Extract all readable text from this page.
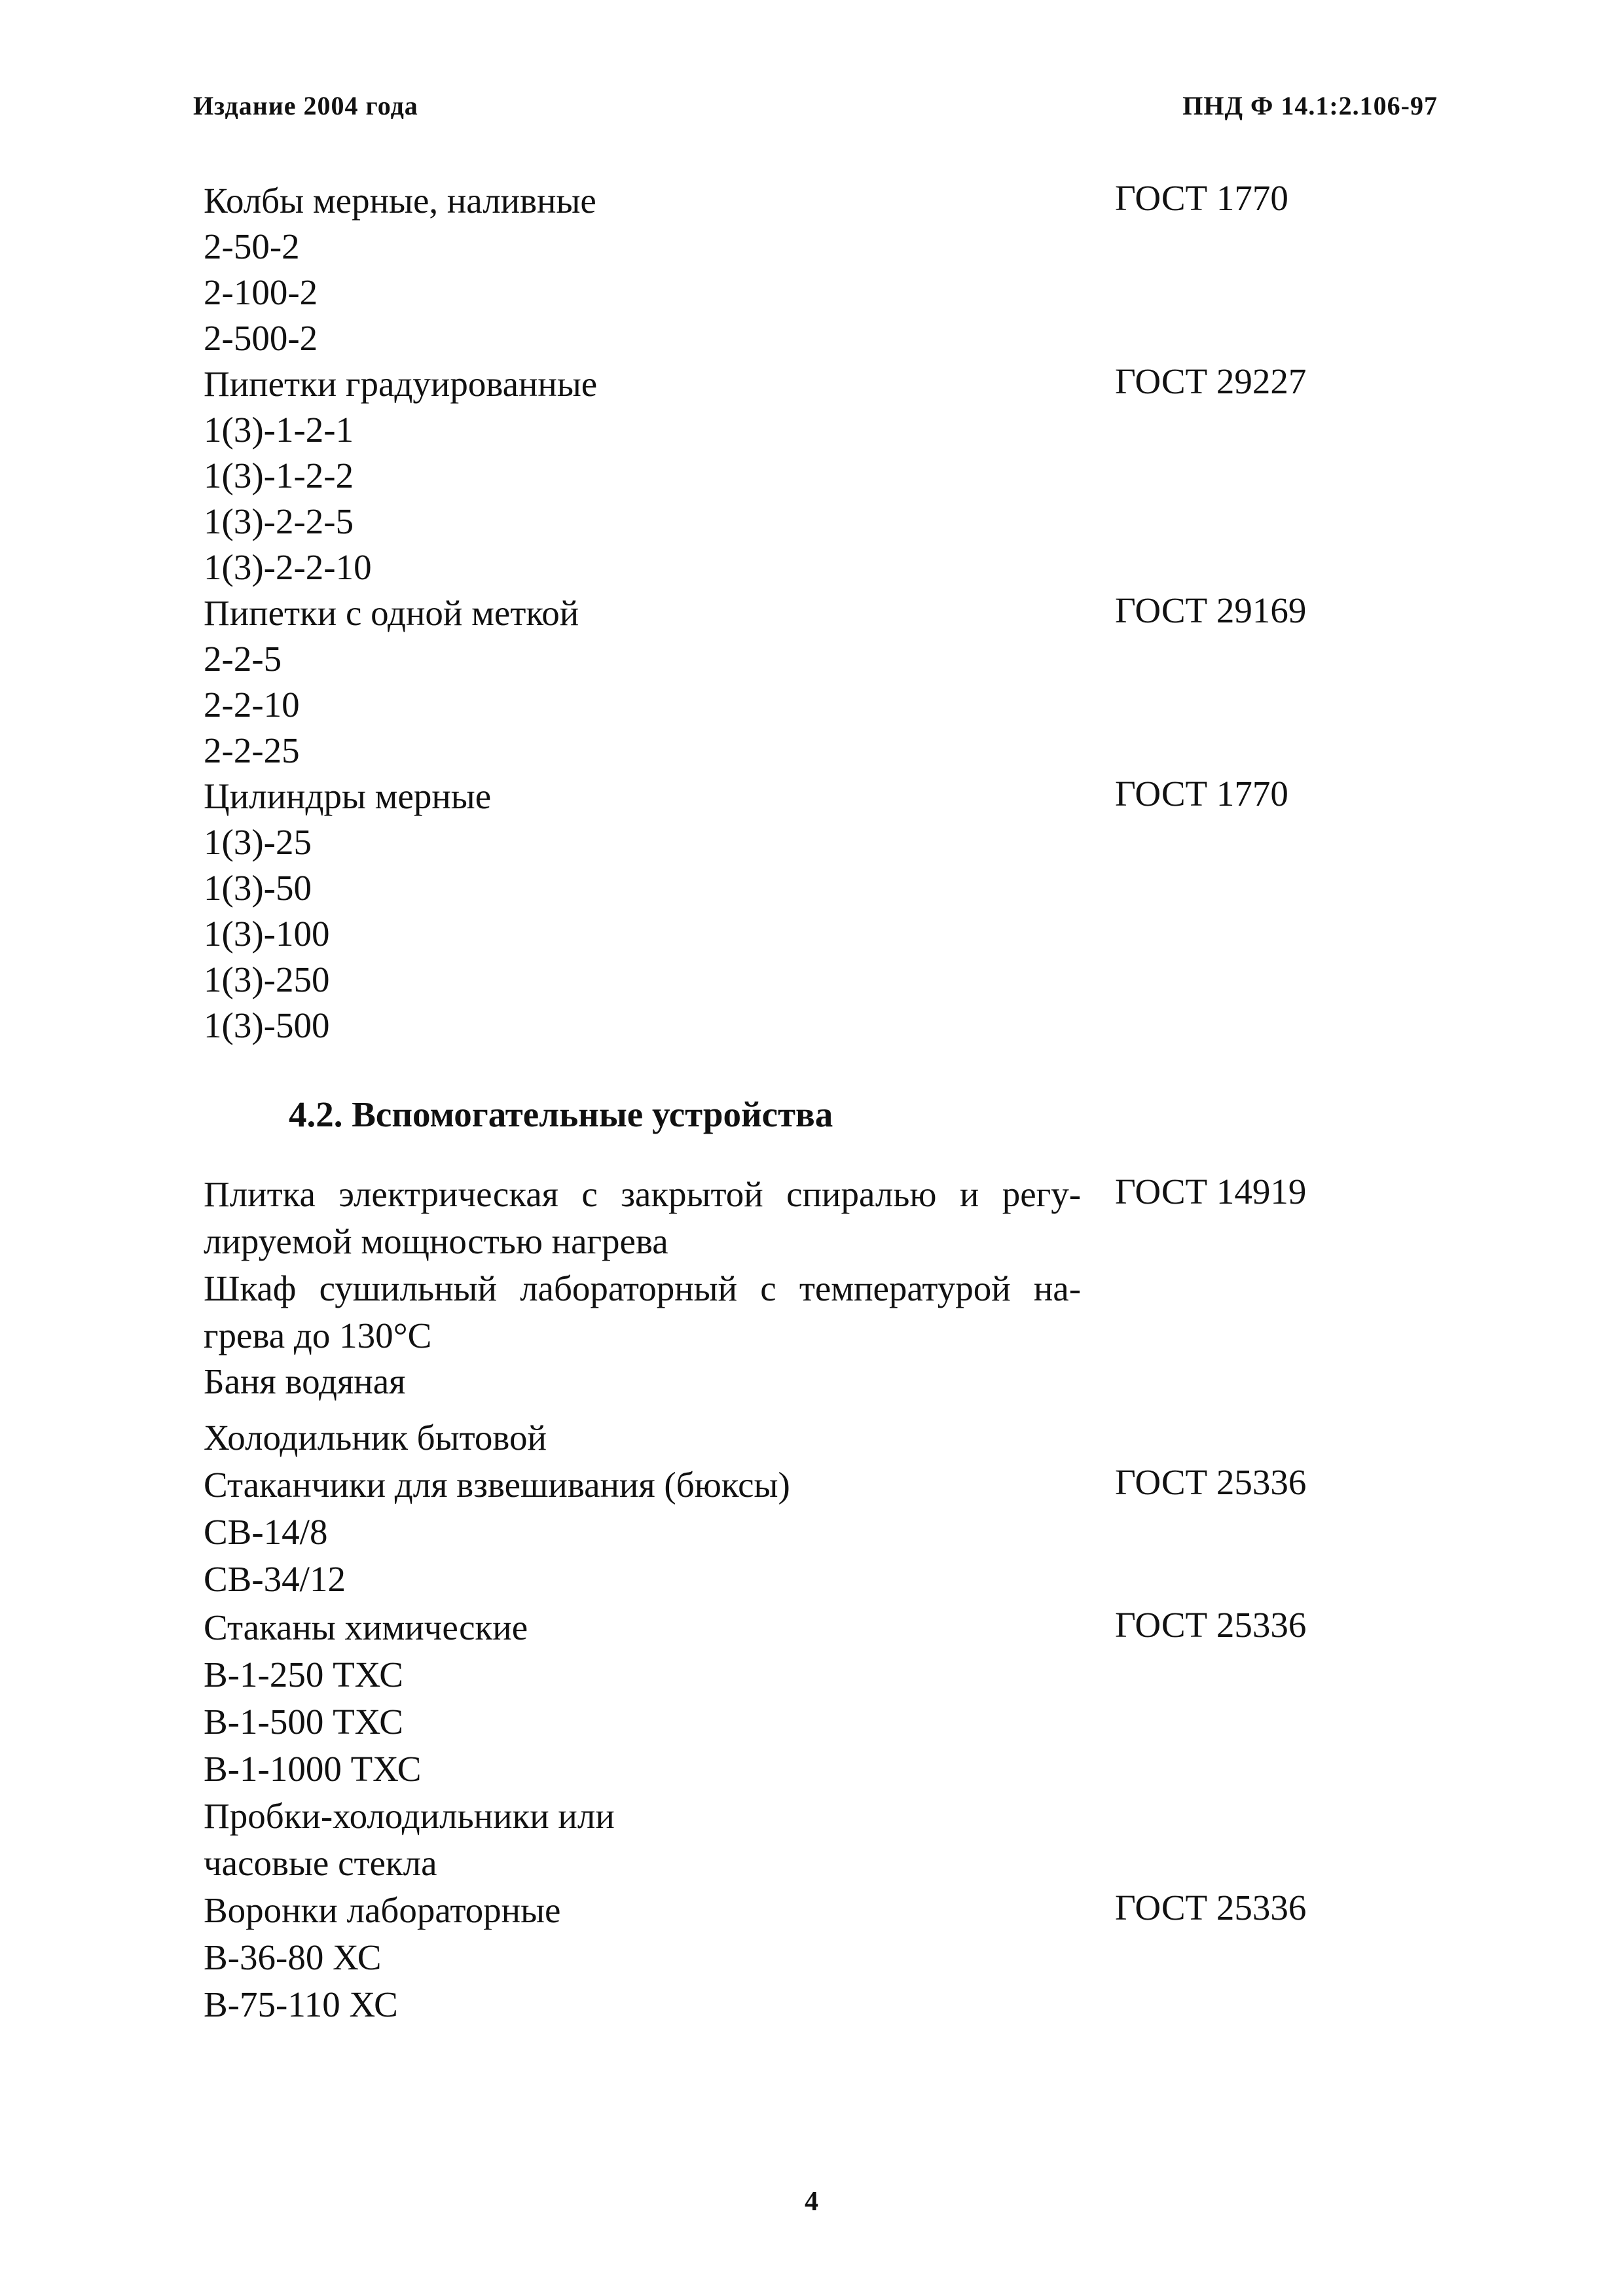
Издание 2004 года	ПНД Ф 14.1:2.106-97
Колбы мерные, наливные	ГОСТ 1770
2-50-2
2-100-2
2-500-2
Пипетки градуированные	ГОСТ 29227
1(3)-1-2-1
1(3)-1-2-2
1(3)-2-2-5
1(3)-2-2-10
Пипетки с одной меткой	ГОСТ 29169
2-2-5
2-2-10
2-2-25
Цилиндры мерные	ГОСТ 1770
1(3)-25
1(3)-50
1(3)-100
1(3)-250
1(3)-500
4.2. Вспомогательные устройства
Плитка электрическая с закрытой спиралью и регу- ГОСТ 14919
лируемой мощностью нагрева
Шкаф сушильный лабораторный с температурой на-
грева до 130°С
Баня водяная
Холодильник бытовой
Стаканчики для взвешивания (бюксы)	ГОСТ 25336
СВ-14/8
СВ-34/12
Стаканы химические	ГОСТ 25336
В-1-250 ТХС
В-1-500 ТХС
В-1-1000 ТХС
Пробки-холодильники или
часовые стекла
Воронки лабораторные	ГОСТ 25336
В-36-80 ХС
В-75-110 ХС
4
